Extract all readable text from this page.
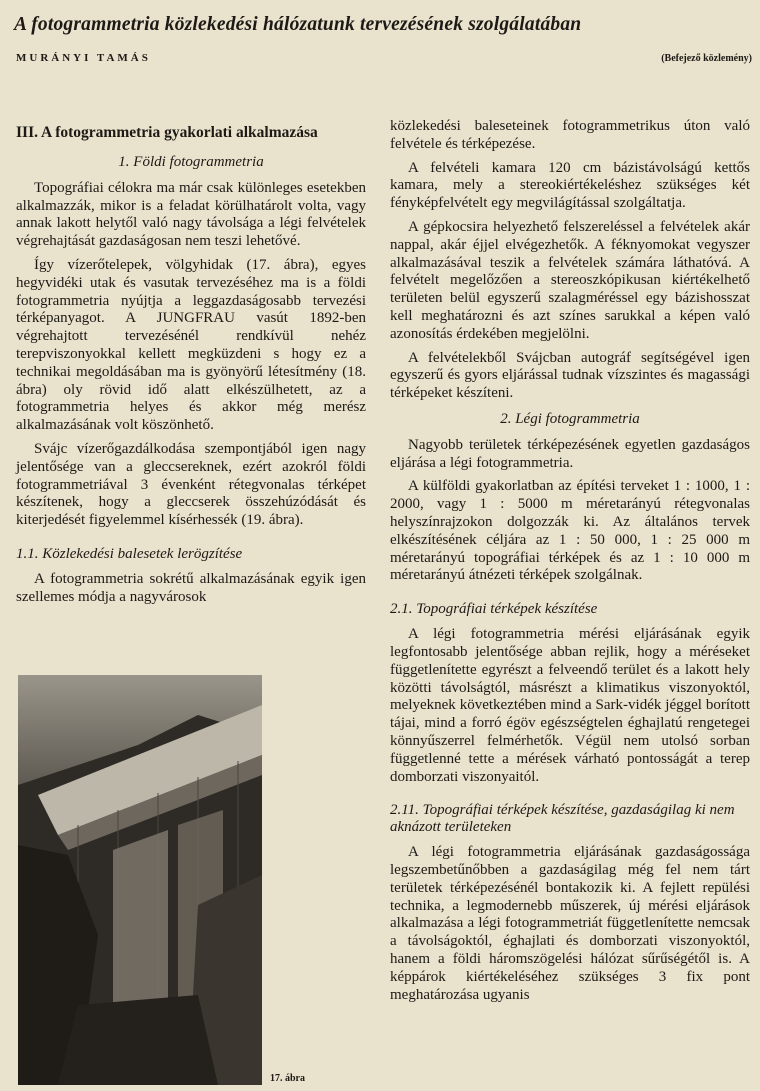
A fotogrammetria közlekedési hálózatunk tervezésének szolgálatában
MURÁNYI TAMÁS	(Befejező közlemény)
III. A fotogrammetria gyakorlati alkalmazása
1. Földi fotogrammetria

Topográfiai célokra ma már csak különleges esetekben alkalmazzák, mikor is a feladat körülhatárolt volta, vagy annak lakott helytől való nagy távolsága a légi felvételek végrehajtását gazdaságosan nem teszi lehetővé.

Így vízerőtelepek, völgyhidak (17. ábra), egyes hegyvidéki utak és vasutak tervezéséhez ma is a földi fotogrammetria nyújtja a leggazdaságosabb tervezési térképanyagot. A JUNGFRAU vasút 1892-ben végrehajtott tervezésénél rendkívül nehéz terepviszonyokkal kellett megküzdeni s hogy ez a technikai megoldásában ma is gyönyörű létesítmény (18. ábra) oly rövid idő alatt elkészülhetett, az a fotogrammetria helyes és akkor még merész alkalmazásának volt köszönhető.

Svájc vízerőgazdálkodása szempontjából igen nagy jelentősége van a gleccsereknek, ezért azokról földi fotogrammetriával 3 évenként rétegvonalas térképet készítenek, hogy a gleccserek összehúzódását és kiterjedését figyelemmel kísérhessék (19. ábra).

1.1. Közlekedési balesetek lerögzítése

A fotogrammetria sokrétű alkalmazásának egyik igen szellemes módja a nagyvárosok

közlekedési baleseteinek fotogrammetrikus úton való felvétele és térképezése.

A felvételi kamara 120 cm bázistávolságú kettős kamara, mely a stereokiértékeléshez szükséges két fényképfelvételt egy megvilágítással szolgáltatja.

A gépkocsira helyezhető felszereléssel a felvételek akár nappal, akár éjjel elvégezhetők. A féknyomokat vegyszer alkalmazásával teszik a felvételek számára láthatóvá. A felvételt megelőzően a stereoszkópikusan kiértékelhető területen belül egyszerű szalagméréssel egy bázishosszat kell meghatározni és azt színes sarukkal a képen való azonosítás érdekében megjelölni.

A felvételekből Svájcban autográf segítségével igen egyszerű és gyors eljárással tudnak vízszintes és magassági térképeket készíteni.

2. Légi fotogrammetria

Nagyobb területek térképezésének egyetlen gazdaságos eljárása a légi fotogrammetria.

A külföldi gyakorlatban az építési terveket 1 : 1000, 1 : 2000, vagy 1 : 5000 m méretarányú rétegvonalas helyszínrajzokon dolgozzák ki. Az általános tervek elkészítésének céljára az 1 : 50 000, 1 : 25 000 m méretarányú topográfiai térképek és az 1 : 10 000 m méretarányú átnézeti térképek szolgálnak.

2.1. Topográfiai térképek készítése

A légi fotogrammetria mérési eljárásának egyik legfontosabb jelentősége abban rejlik, hogy a méréseket függetlenítette egyrészt a felveendő terület és a lakott hely közötti távolságtól, másrészt a klimatikus viszonyoktól, melyeknek következtében mind a Sark-vidék jéggel borított tájai, mind a forró égöv egészségtelen éghajlatú rengetegei könnyűszerrel felmérhetők. Végül nem utolsó sorban függetlenné tette a mérések várható pontosságát a terep domborzati viszonyaitól.

2.11. Topográfiai térképek készítése, gazdaságilag ki nem aknázott területeken

A légi fotogrammetria eljárásának gazdaságossága legszembetűnőbben a gazdaságilag még fel nem tárt területek térképezésénél bontakozik ki. A fejlett repülési technika, a legmodernebb műszerek, új mérési eljárások alkalmazása a légi fotogrammetriát függetlenítette nemcsak a távolságoktól, éghajlati és domborzati viszonyoktól, hanem a földi háromszögelési hálózat sűrűségétől is. A képpárok kiértékeléséhez szükséges 3 fix pont meghatározása ugyanis

17. ábra
